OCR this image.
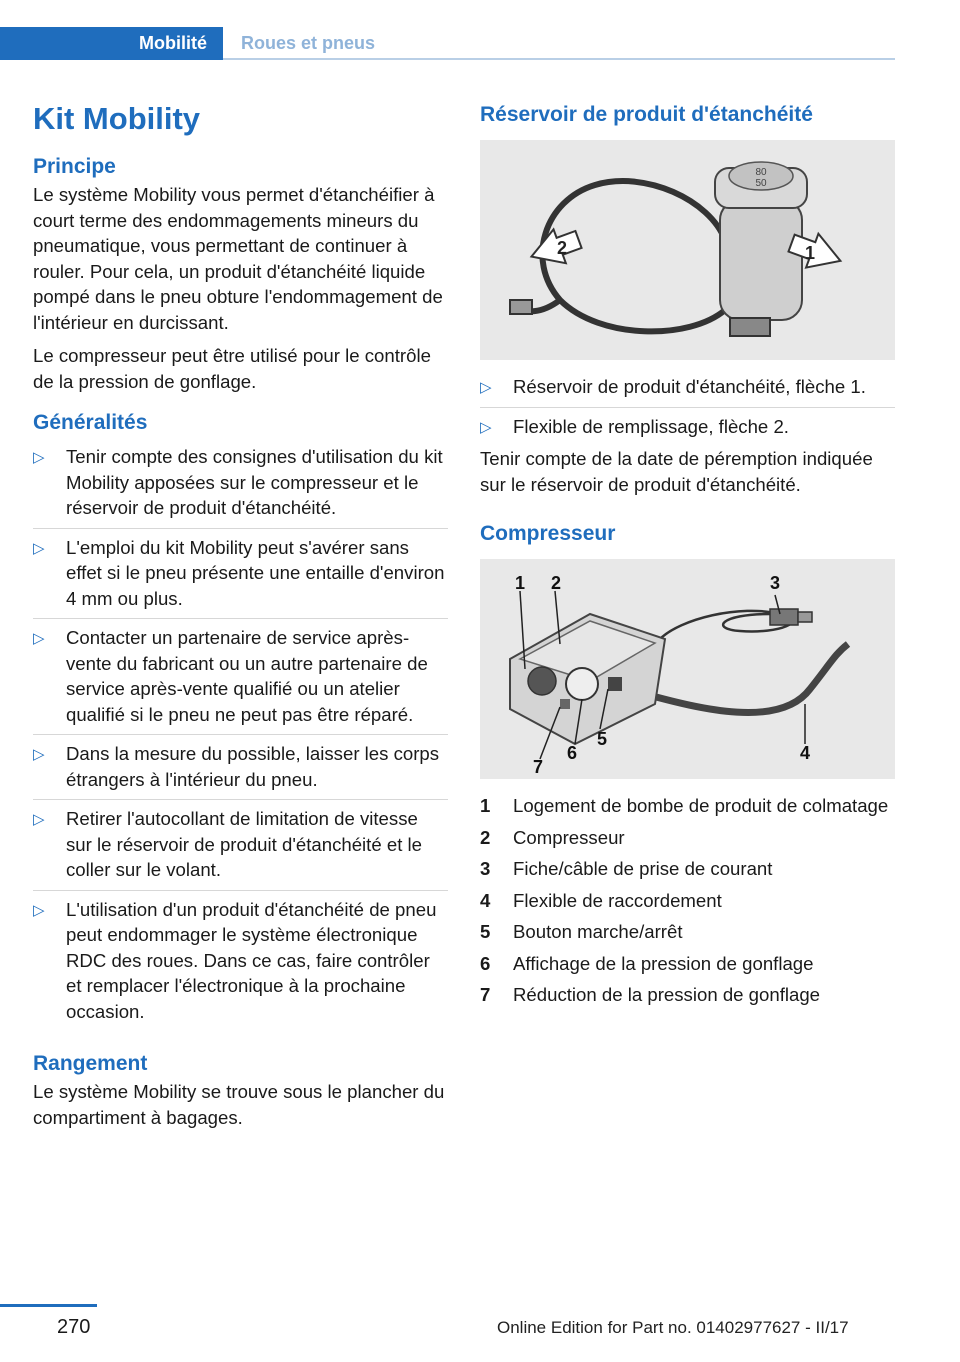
Mobilité	Roues et pneus
Kit Mobility
Principe

Le système Mobility vous permet d'étanchéifier à court terme des endommagements mineurs du pneumatique, vous permettant de continuer à rouler. Pour cela, un produit d'étanchéité liquide pompé dans le pneu obture l'endommagement de l'intérieur en durcissant.

Le compresseur peut être utilisé pour le contrôle de la pression de gonflage.

Généralités
▷ Tenir compte des consignes d'utilisation du kit Mobility apposées sur le compresseur et le réservoir de produit d'étanchéité.
▷ L'emploi du kit Mobility peut s'avérer sans effet si le pneu présente une entaille d'environ 4 mm ou plus.
▷ Contacter un partenaire de service après-vente du fabricant ou un autre partenaire de service après-vente qualifié ou un atelier qualifié si le pneu ne peut pas être réparé.
▷ Dans la mesure du possible, laisser les corps étrangers à l'intérieur du pneu.
▷ Retirer l'autocollant de limitation de vitesse sur le réservoir de produit d'étanchéité et le coller sur le volant.
▷ L'utilisation d'un produit d'étanchéité de pneu peut endommager le système électronique RDC des roues. Dans ce cas, faire contrôler et remplacer l'électronique à la prochaine occasion.
Rangement

Le système Mobility se trouve sous le plancher du compartiment à bagages.

Réservoir de produit d'étanchéité
80
50
2	1
▷ Réservoir de produit d'étanchéité, flèche 1.
▷ Flexible de remplissage, flèche 2.

Tenir compte de la date de péremption indiquée sur le réservoir de produit d'étanchéité.

Compresseur
1 2	3
4
5
6
7
1 Logement de bombe de produit de colmatage
2 Compresseur
3 Fiche/câble de prise de courant
4 Flexible de raccordement
5 Bouton marche/arrêt
6 Affichage de la pression de gonflage
7 Réduction de la pression de gonflage
270	Online Edition for Part no. 01402977627 - II/17
